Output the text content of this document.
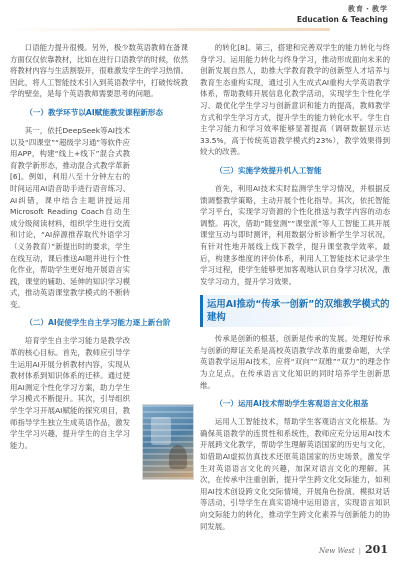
教育・教学
Education & Teaching

口语能力提升很慢。另外，极少数英语教师在备课方面仅仅依靠教材，比如在进行口语教学的时候，依然将教材内容与生活割裂开，很难激发学生的学习热情。因此，将人工智能技术引入到英语教学中，打破传统教学的壁垒，是每个英语教师需要思考的问题。

（一）教学环节以AI赋能教发课程新形态

其一，依托DeepSeek等AI技术以及“四课堂”“超级学习通”等软件应用APP，构建“线上+线下”混合式教育教学新形态，推动混合式教学革新[6]。例如，利用八至十分钟左右的时间运用AI语音助手进行语音练习、AI纠错，课中结合主题讲授运用Microsoft Reading Coach自动生成分级阅读材料，组织学生进行交流和讨论，“AI辞源推荐取代外语学习（义务教育）”新提出时的要求，学生在线互动，课后推送AI题并进行个性化作业，帮助学生更好地开展语言实践，课堂的辅助、延伸的知识学习模式，推动英语课堂教学模式的不断转变。

（二）AI促使学生自主学习能力逐上新台阶

培育学生自主学习能力是教学改革的核心目标。首先，教师应引导学生运用AI开展分析教材内容，实现从教材体系到知识体系的迁移。通过使用AI测定个性化学习方案，助力学生学习模式不断提升。其次，引导组织学生学习开展AI赋能的探究项目，教师指导学生独立生成英语作品，激发学生学习兴趣，提升学生的自主学习能力。

的转化[8]。第三，搭建和完善双学生的能力转化与终身学习。运用能力转化与终身学习，推动形成面向未来的创新发展自然人，助推大学教育教学的创新型人才培养与教育生态重构实现，通过引入生成式AI重构大学英语教学体系，帮助教师开展信息化教学活动，实现学生个性化学习、最优化学生学习与创新意识和能力的提高，教师教学方式和学生学习方式，提升学生的能力转化水平。学生自主学习能力和学习效率能够显著提高（调研数据显示达33.5%，高于传统英语教学模式约23%），教学效果得到较大的改善。

（三）实施学效提升机人工智能

首先，利用AI技术实时监测学生学习情况，并根据反馈调整教学策略，主动开展个性化指导。其次，依托智能学习平台，实现学习资源的个性化推送与教学内容的动态调整。再次，借助“随堂测”“课堂派”等人工智能工具开展课堂互动与即时测评，利用数据分析诊断学生学习状况，有针对性地开展线上线下教学，提升课堂教学效率。最后，构建多维度的评价体系，利用人工智能技术记录学生学习过程，使学生能够更加客观地认识自身学习状况，激发学习动力，提升学习效果。

运用AI推动“传承一创新”的双维教学模式的建构

传承是创新的根基，创新是传承的发展。处理好传承与创新的辩证关系是高校英语教学改革的重要命题，大学英语教学运用AI技术，应将“双向”“双维”“双力”的理念作为立足点，在传承语言文化知识的同时培养学生创新思维。

（一）运用AI技术帮助学生客观语言文化根基

运用人工智能技术，帮助学生客观语言文化根基。为确保英语教学的连贯性和系统性，教师应充分运用AI技术开展跨文化教学，帮助学生理解英语国家的历史与文化，如借助AI虚拟仿真技术还原英语国家的历史场景，激发学生对英语语言文化的兴趣，加深对语言文化的理解。其次，在传承中注重创新，提升学生跨文化交际能力，如利用AI技术创设跨文化交际情境，开展角色扮演、模拟对话等活动，引导学生在真实语境中运用语言，实现语言知识向交际能力的转化，推动学生跨文化素养与创新能力的协同发展。

New West | 201
